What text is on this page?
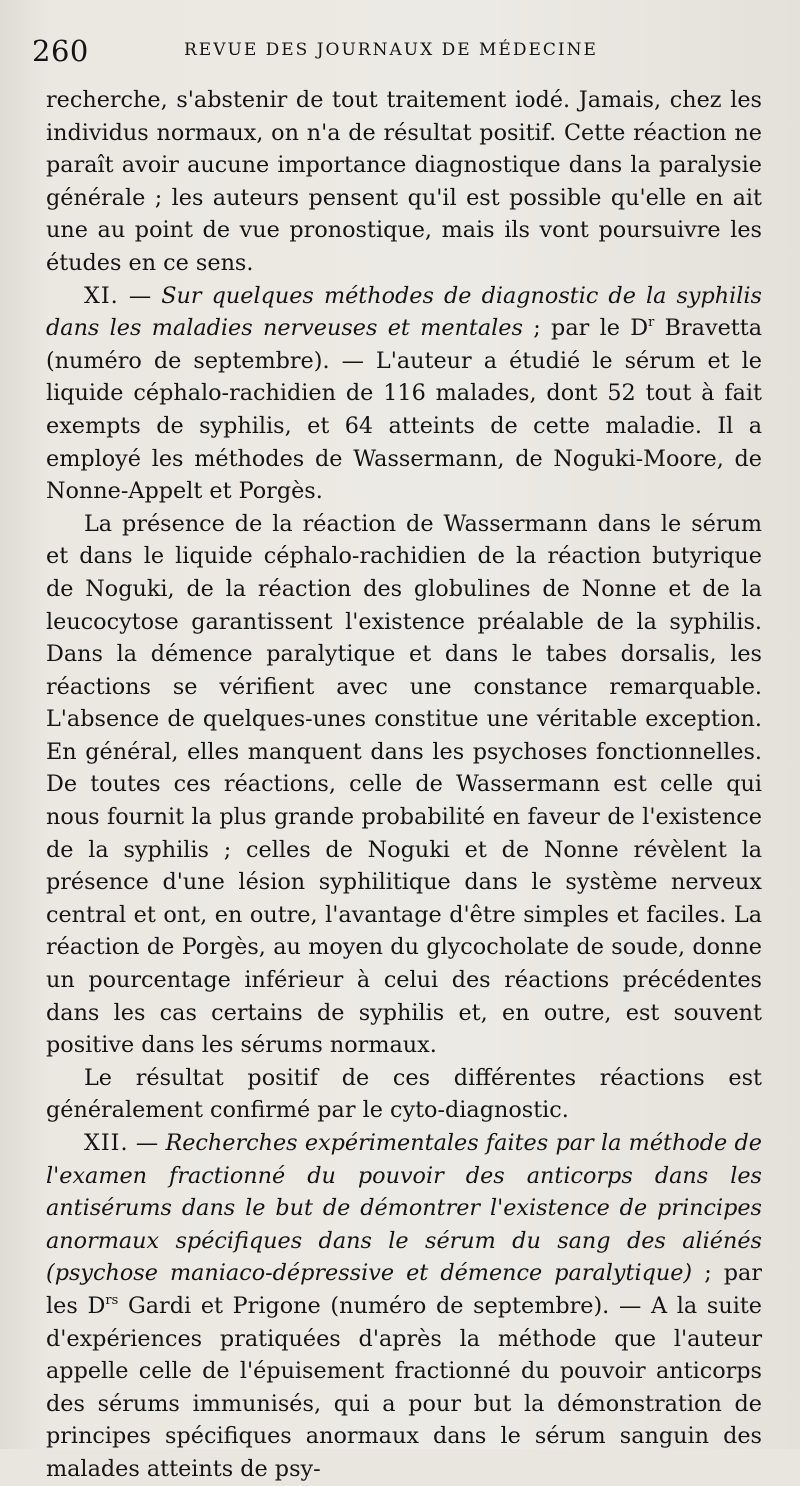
260	REVUE DES JOURNAUX DE MÉDECINE

recherche, s'abstenir de tout traitement iodé. Jamais, chez les individus normaux, on n'a de résultat positif. Cette réaction ne paraît avoir aucune importance diagnostique dans la paralysie générale ; les auteurs pensent qu'il est possible qu'elle en ait une au point de vue pronostique, mais ils vont poursuivre les études en ce sens.

XI. — Sur quelques méthodes de diagnostic de la syphilis dans les maladies nerveuses et mentales ; par le $D^r$ Bravetta (numéro de septembre). — L'auteur a étudié le sérum et le liquide céphalo-rachidien de 116 malades, dont 52 tout à fait exempts de syphilis, et 64 atteints de cette maladie. Il a employé les méthodes de Wassermann, de Noguki-Moore, de Nonne-Appelt et Porgès.

La présence de la réaction de Wassermann dans le sérum et dans le liquide céphalo-rachidien de la réaction butyrique de Noguki, de la réaction des globulines de Nonne et de la leucocytose garantissent l'existence préalable de la syphilis. Dans la démence paralytique et dans le tabes dorsalis, les réactions se vérifient avec une constance remarquable. L'absence de quelques-unes constitue une véritable exception. En général, elles manquent dans les psychoses fonctionnelles. De toutes ces réactions, celle de Wassermann est celle qui nous fournit la plus grande probabilité en faveur de l'existence de la syphilis ; celles de Noguki et de Nonne révèlent la présence d'une lésion syphilitique dans le système nerveux central et ont, en outre, l'avantage d'être simples et faciles. La réaction de Porgès, au moyen du glycocholate de soude, donne un pourcentage inférieur à celui des réactions précédentes dans les cas certains de syphilis et, en outre, est souvent positive dans les sérums normaux.

Le résultat positif de ces différentes réactions est généralement confirmé par le cyto-diagnostic.

XII. — Recherches expérimentales faites par la méthode de l'examen fractionné du pouvoir des anticorps dans les antisérums dans le but de démontrer l'existence de principes anormaux spécifiques dans le sérum du sang des aliénés (psychose maniaco-dépressive et démence paralytique) ; par les $D^{rs}$ Gardi et Prigone (numéro de septembre). — A la suite d'expériences pratiquées d'après la méthode que l'auteur appelle celle de l'épuisement fractionné du pouvoir anticorps des sérums immunisés, qui a pour but la démonstration de principes spécifiques anormaux dans le sérum sanguin des malades atteints de psy-
